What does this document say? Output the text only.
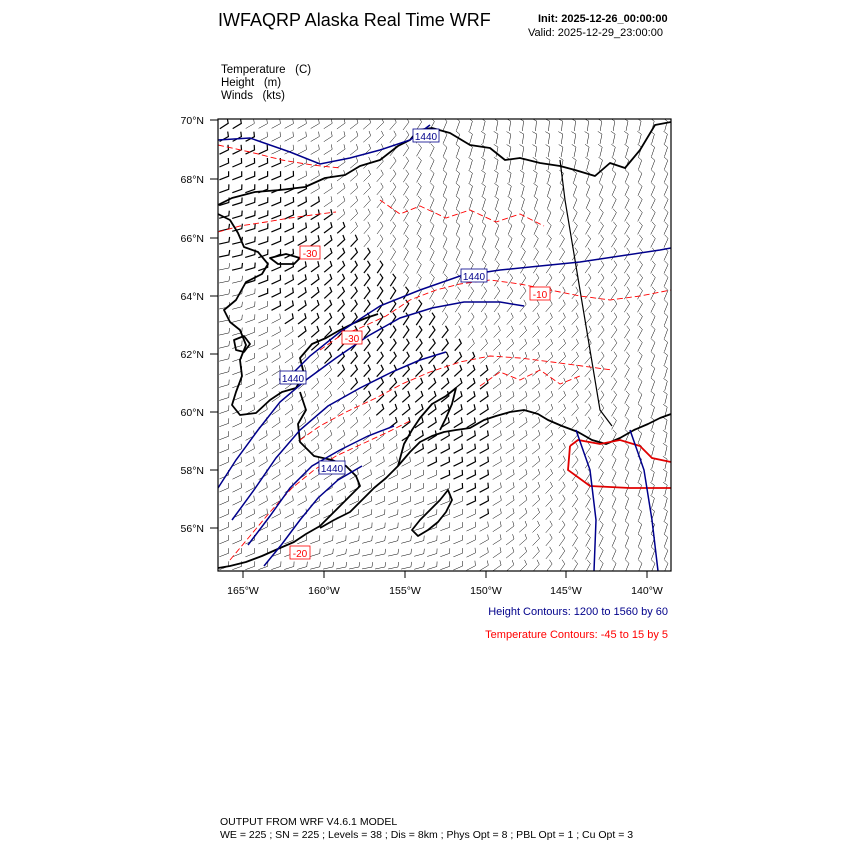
IWFAQRP Alaska Real Time WRF	Init: 2025-12-26_00:00:00
Valid: 2025-12-29_23:00:00
Temperature (C)
Height (m)
Winds (kts)
70°N
68°N
66°N
64°N
62°N
60°N
58°N
56°N
165°W	160°W	155°W	150°W	145°W	140°W
1440
1440
1440
1440
-30
-30
-10
-20
Height Contours: 1200 to 1560 by 60
Temperature Contours: -45 to 15 by 5
OUTPUT FROM WRF V4.6.1 MODEL
WE = 225 ; SN = 225 ; Levels = 38 ; Dis = 8km ; Phys Opt = 8 ; PBL Opt = 1 ; Cu Opt = 3
